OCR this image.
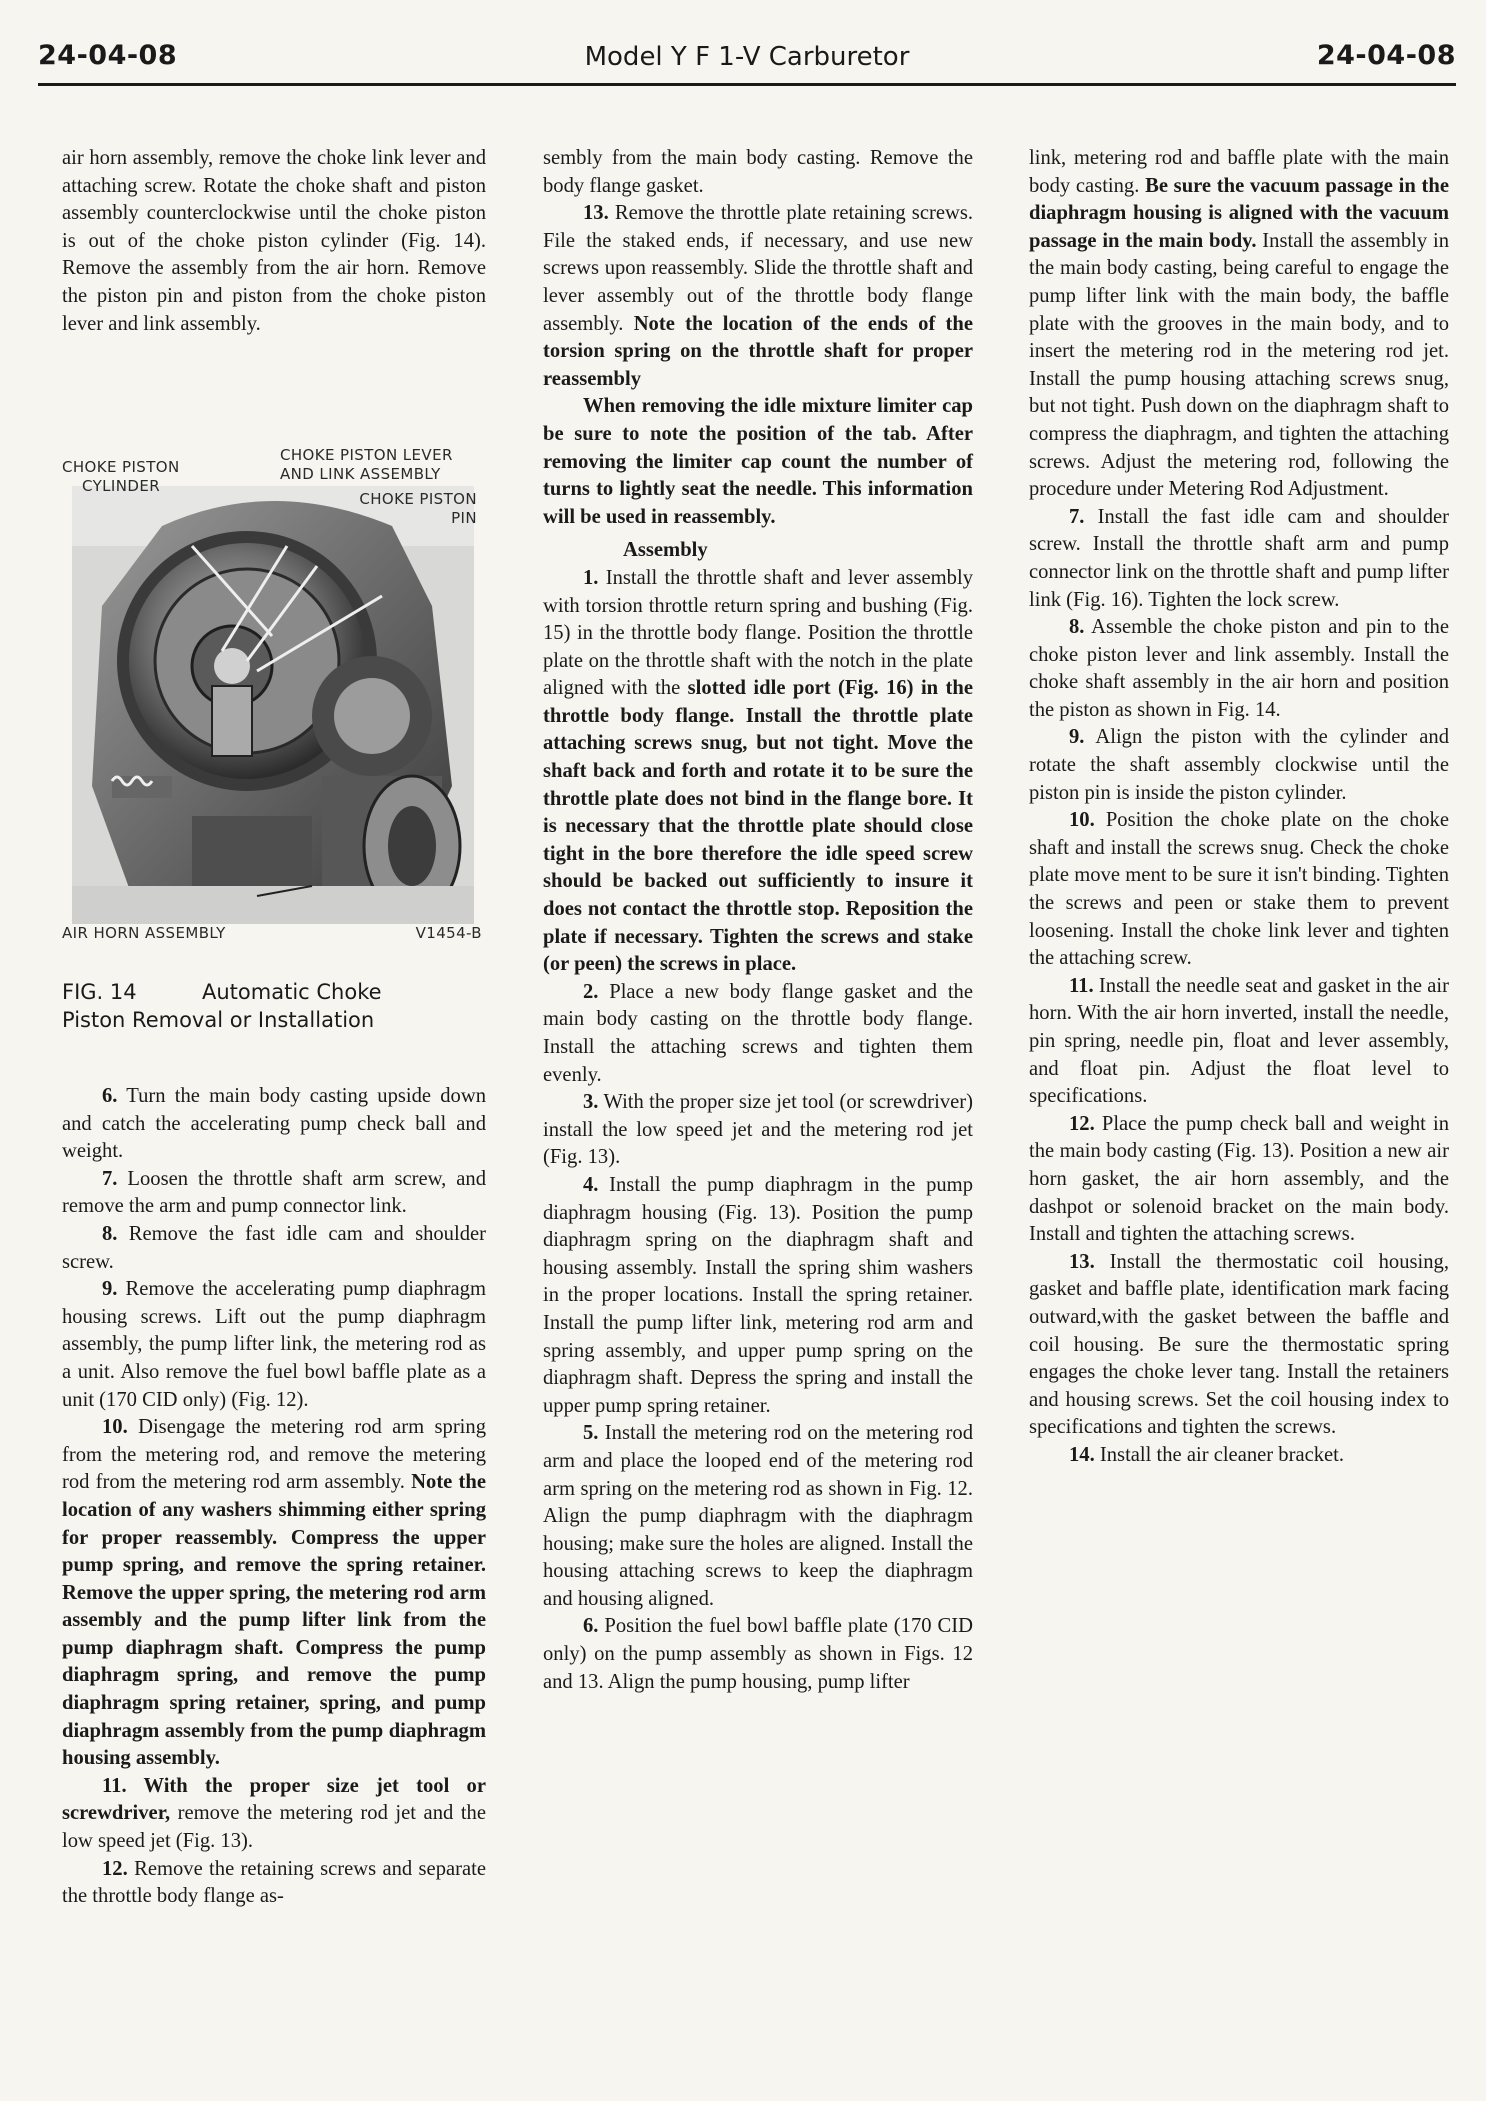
24-04-08	Model Y F 1-V Carburetor	24-04-08

air horn assembly, remove the choke link lever and attaching screw. Rotate the choke shaft and piston assembly counterclockwise until the choke piston is out of the choke piston cylinder (Fig. 14). Remove the assembly from the air horn. Remove the piston pin and piston from the choke piston lever and link assembly.

CHOKE PISTON
CYLINDER
CHOKE PISTON LEVER
AND LINK ASSEMBLY
CHOKE PISTON
PIN
AIR HORN ASSEMBLY	V1454-B
FIG. 14	Automatic Choke
Piston Removal or Installation

6. Turn the main body casting upside down and catch the accelerating pump check ball and weight.

7. Loosen the throttle shaft arm screw, and remove the arm and pump connector link.

8. Remove the fast idle cam and shoulder screw.

9. Remove the accelerating pump diaphragm housing screws. Lift out the pump diaphragm assembly, the pump lifter link, the metering rod as a unit. Also remove the fuel bowl baffle plate as a unit (170 CID only) (Fig. 12).

10. Disengage the metering rod arm spring from the metering rod, and remove the metering rod from the metering rod arm assembly. Note the location of any washers shimming either spring for proper reassembly. Compress the upper pump spring, and remove the spring retainer. Remove the upper spring, the metering rod arm assembly and the pump lifter link from the pump diaphragm shaft. Compress the pump diaphragm spring, and remove the pump diaphragm spring retainer, spring, and pump diaphragm assembly from the pump diaphragm housing assembly.

11. With the proper size jet tool or screwdriver, remove the metering rod jet and the low speed jet (Fig. 13).

12. Remove the retaining screws and separate the throttle body flange as-

sembly from the main body casting. Remove the body flange gasket.

13. Remove the throttle plate retaining screws. File the staked ends, if necessary, and use new screws upon reassembly. Slide the throttle shaft and lever assembly out of the throttle body flange assembly. Note the location of the ends of the torsion spring on the throttle shaft for proper reassembly

When removing the idle mixture limiter cap be sure to note the position of the tab. After removing the limiter cap count the number of turns to lightly seat the needle. This information will be used in reassembly.

Assembly

1. Install the throttle shaft and lever assembly with torsion throttle return spring and bushing (Fig. 15) in the throttle body flange. Position the throttle plate on the throttle shaft with the notch in the plate aligned with the slotted idle port (Fig. 16) in the throttle body flange. Install the throttle plate attaching screws snug, but not tight. Move the shaft back and forth and rotate it to be sure the throttle plate does not bind in the flange bore. It is necessary that the throttle plate should close tight in the bore therefore the idle speed screw should be backed out sufficiently to insure it does not contact the throttle stop. Reposition the plate if necessary. Tighten the screws and stake (or peen) the screws in place.

2. Place a new body flange gasket and the main body casting on the throttle body flange. Install the attaching screws and tighten them evenly.

3. With the proper size jet tool (or screwdriver) install the low speed jet and the metering rod jet (Fig. 13).

4. Install the pump diaphragm in the pump diaphragm housing (Fig. 13). Position the pump diaphragm spring on the diaphragm shaft and housing assembly. Install the spring shim washers in the proper locations. Install the spring retainer. Install the pump lifter link, metering rod arm and spring assembly, and upper pump spring on the diaphragm shaft. Depress the spring and install the upper pump spring retainer.

5. Install the metering rod on the metering rod arm and place the looped end of the metering rod arm spring on the metering rod as shown in Fig. 12. Align the pump diaphragm with the diaphragm housing; make sure the holes are aligned. Install the housing attaching screws to keep the diaphragm and housing aligned.

6. Position the fuel bowl baffle plate (170 CID only) on the pump assembly as shown in Figs. 12 and 13. Align the pump housing, pump lifter

link, metering rod and baffle plate with the main body casting. Be sure the vacuum passage in the diaphragm housing is aligned with the vacuum passage in the main body. Install the assembly in the main body casting, being careful to engage the pump lifter link with the main body, the baffle plate with the grooves in the main body, and to insert the metering rod in the metering rod jet. Install the pump housing attaching screws snug, but not tight. Push down on the diaphragm shaft to compress the diaphragm, and tighten the attaching screws. Adjust the metering rod, following the procedure under Metering Rod Adjustment.

7. Install the fast idle cam and shoulder screw. Install the throttle shaft arm and pump connector link on the throttle shaft and pump lifter link (Fig. 16). Tighten the lock screw.

8. Assemble the choke piston and pin to the choke piston lever and link assembly. Install the choke shaft assembly in the air horn and position the piston as shown in Fig. 14.

9. Align the piston with the cylinder and rotate the shaft assembly clockwise until the piston pin is inside the piston cylinder.

10. Position the choke plate on the choke shaft and install the screws snug. Check the choke plate move ment to be sure it isn't binding. Tighten the screws and peen or stake them to prevent loosening. Install the choke link lever and tighten the attaching screw.

11. Install the needle seat and gasket in the air horn. With the air horn inverted, install the needle, pin spring, needle pin, float and lever assembly, and float pin. Adjust the float level to specifications.

12. Place the pump check ball and weight in the main body casting (Fig. 13). Position a new air horn gasket, the air horn assembly, and the dashpot or solenoid bracket on the main body. Install and tighten the attaching screws.

13. Install the thermostatic coil housing, gasket and baffle plate, identification mark facing outward,with the gasket between the baffle and coil housing. Be sure the thermostatic spring engages the choke lever tang. Install the retainers and housing screws. Set the coil housing index to specifications and tighten the screws.

14. Install the air cleaner bracket.
